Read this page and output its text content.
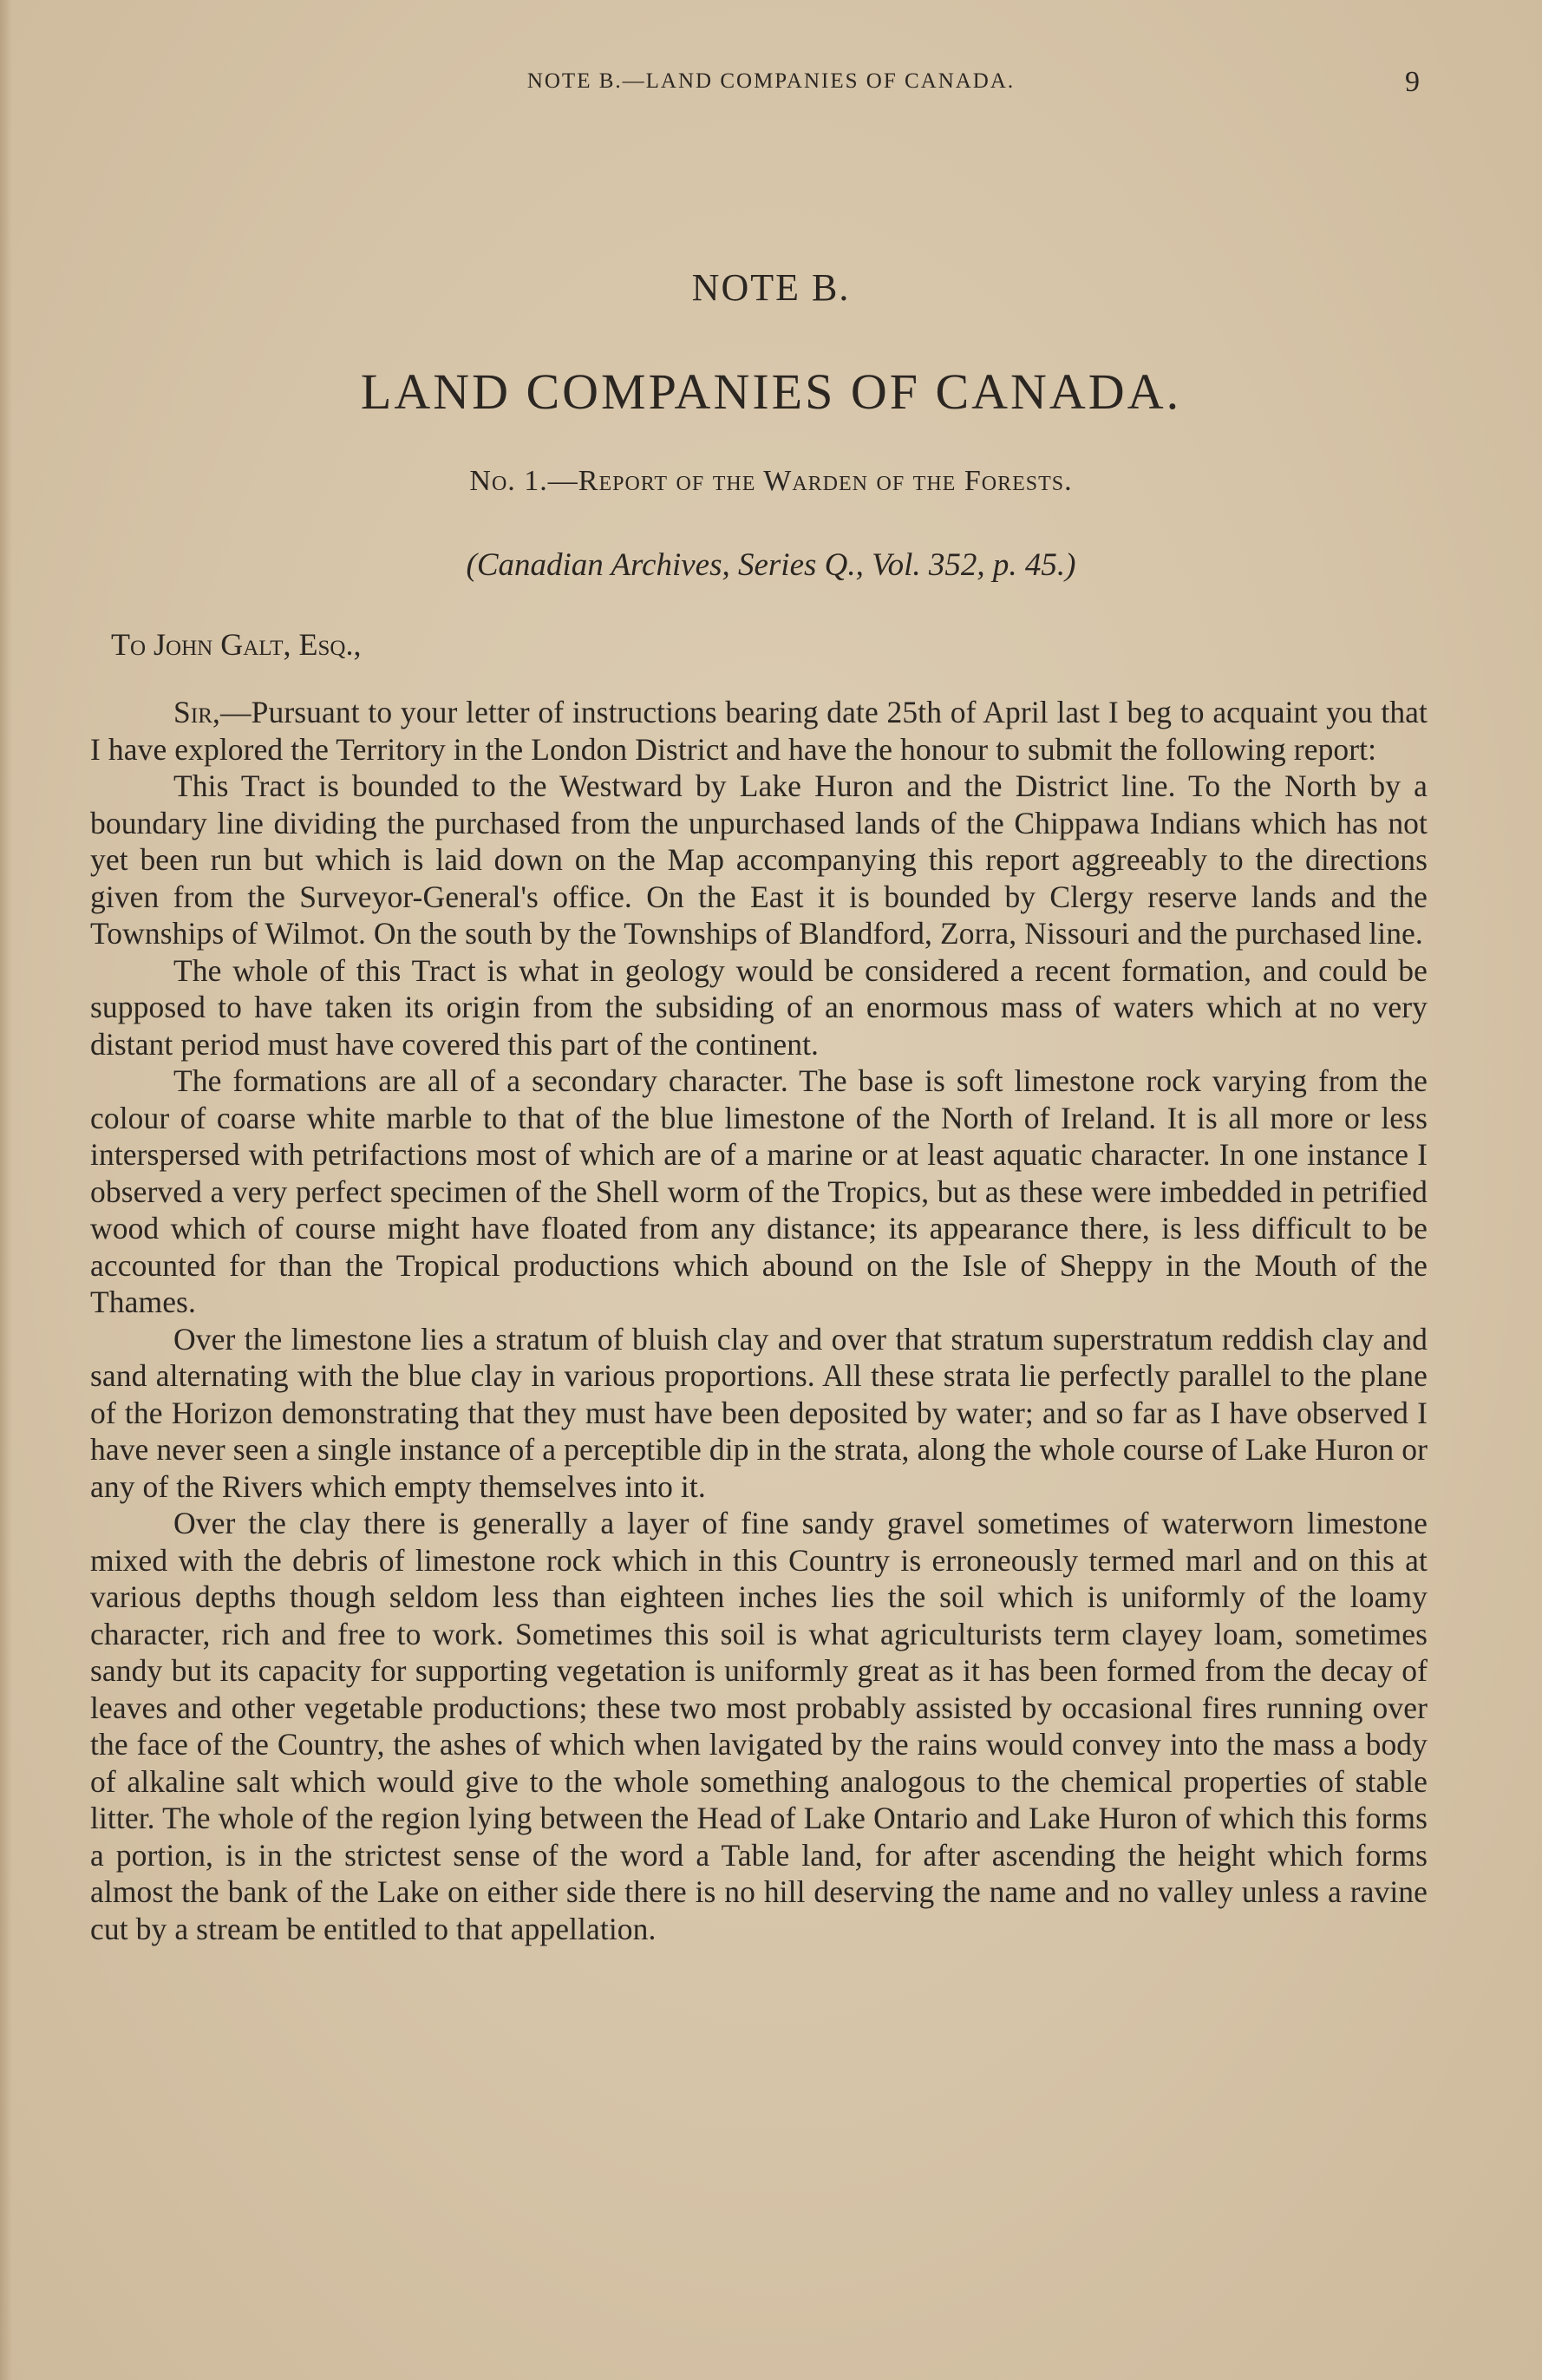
NOTE B.—LAND COMPANIES OF CANADA.	9
NOTE B.
LAND COMPANIES OF CANADA.
No. 1.—Report of the Warden of the Forests.
(Canadian Archives, Series Q., Vol. 352, p. 45.)
To John Galt, Esq.,

Sir,—Pursuant to your letter of instructions bearing date 25th of April last I beg to acquaint you that I have explored the Territory in the London District and have the honour to submit the following report:

This Tract is bounded to the Westward by Lake Huron and the District line. To the North by a boundary line dividing the purchased from the unpurchased lands of the Chippawa Indians which has not yet been run but which is laid down on the Map accompanying this report aggreeably to the directions given from the Surveyor-General's office. On the East it is bounded by Clergy reserve lands and the Townships of Wilmot. On the south by the Townships of Blandford, Zorra, Nissouri and the purchased line.

The whole of this Tract is what in geology would be considered a recent formation, and could be supposed to have taken its origin from the subsiding of an enormous mass of waters which at no very distant period must have covered this part of the continent.

The formations are all of a secondary character. The base is soft limestone rock varying from the colour of coarse white marble to that of the blue limestone of the North of Ireland. It is all more or less interspersed with petrifactions most of which are of a marine or at least aquatic character. In one instance I observed a very perfect specimen of the Shell worm of the Tropics, but as these were imbedded in petrified wood which of course might have floated from any distance; its appearance there, is less difficult to be accounted for than the Tropical productions which abound on the Isle of Sheppy in the Mouth of the Thames.

Over the limestone lies a stratum of bluish clay and over that stratum superstratum reddish clay and sand alternating with the blue clay in various proportions. All these strata lie perfectly parallel to the plane of the Horizon demonstrating that they must have been deposited by water; and so far as I have observed I have never seen a single instance of a perceptible dip in the strata, along the whole course of Lake Huron or any of the Rivers which empty themselves into it.

Over the clay there is generally a layer of fine sandy gravel sometimes of waterworn limestone mixed with the debris of limestone rock which in this Country is erroneously termed marl and on this at various depths though seldom less than eighteen inches lies the soil which is uniformly of the loamy character, rich and free to work. Sometimes this soil is what agriculturists term clayey loam, sometimes sandy but its capacity for supporting vegetation is uniformly great as it has been formed from the decay of leaves and other vegetable productions; these two most probably assisted by occasional fires running over the face of the Country, the ashes of which when lavigated by the rains would convey into the mass a body of alkaline salt which would give to the whole something analogous to the chemical properties of stable litter. The whole of the region lying between the Head of Lake Ontario and Lake Huron of which this forms a portion, is in the strictest sense of the word a Table land, for after ascending the height which forms almost the bank of the Lake on either side there is no hill deserving the name and no valley unless a ravine cut by a stream be entitled to that appellation.
